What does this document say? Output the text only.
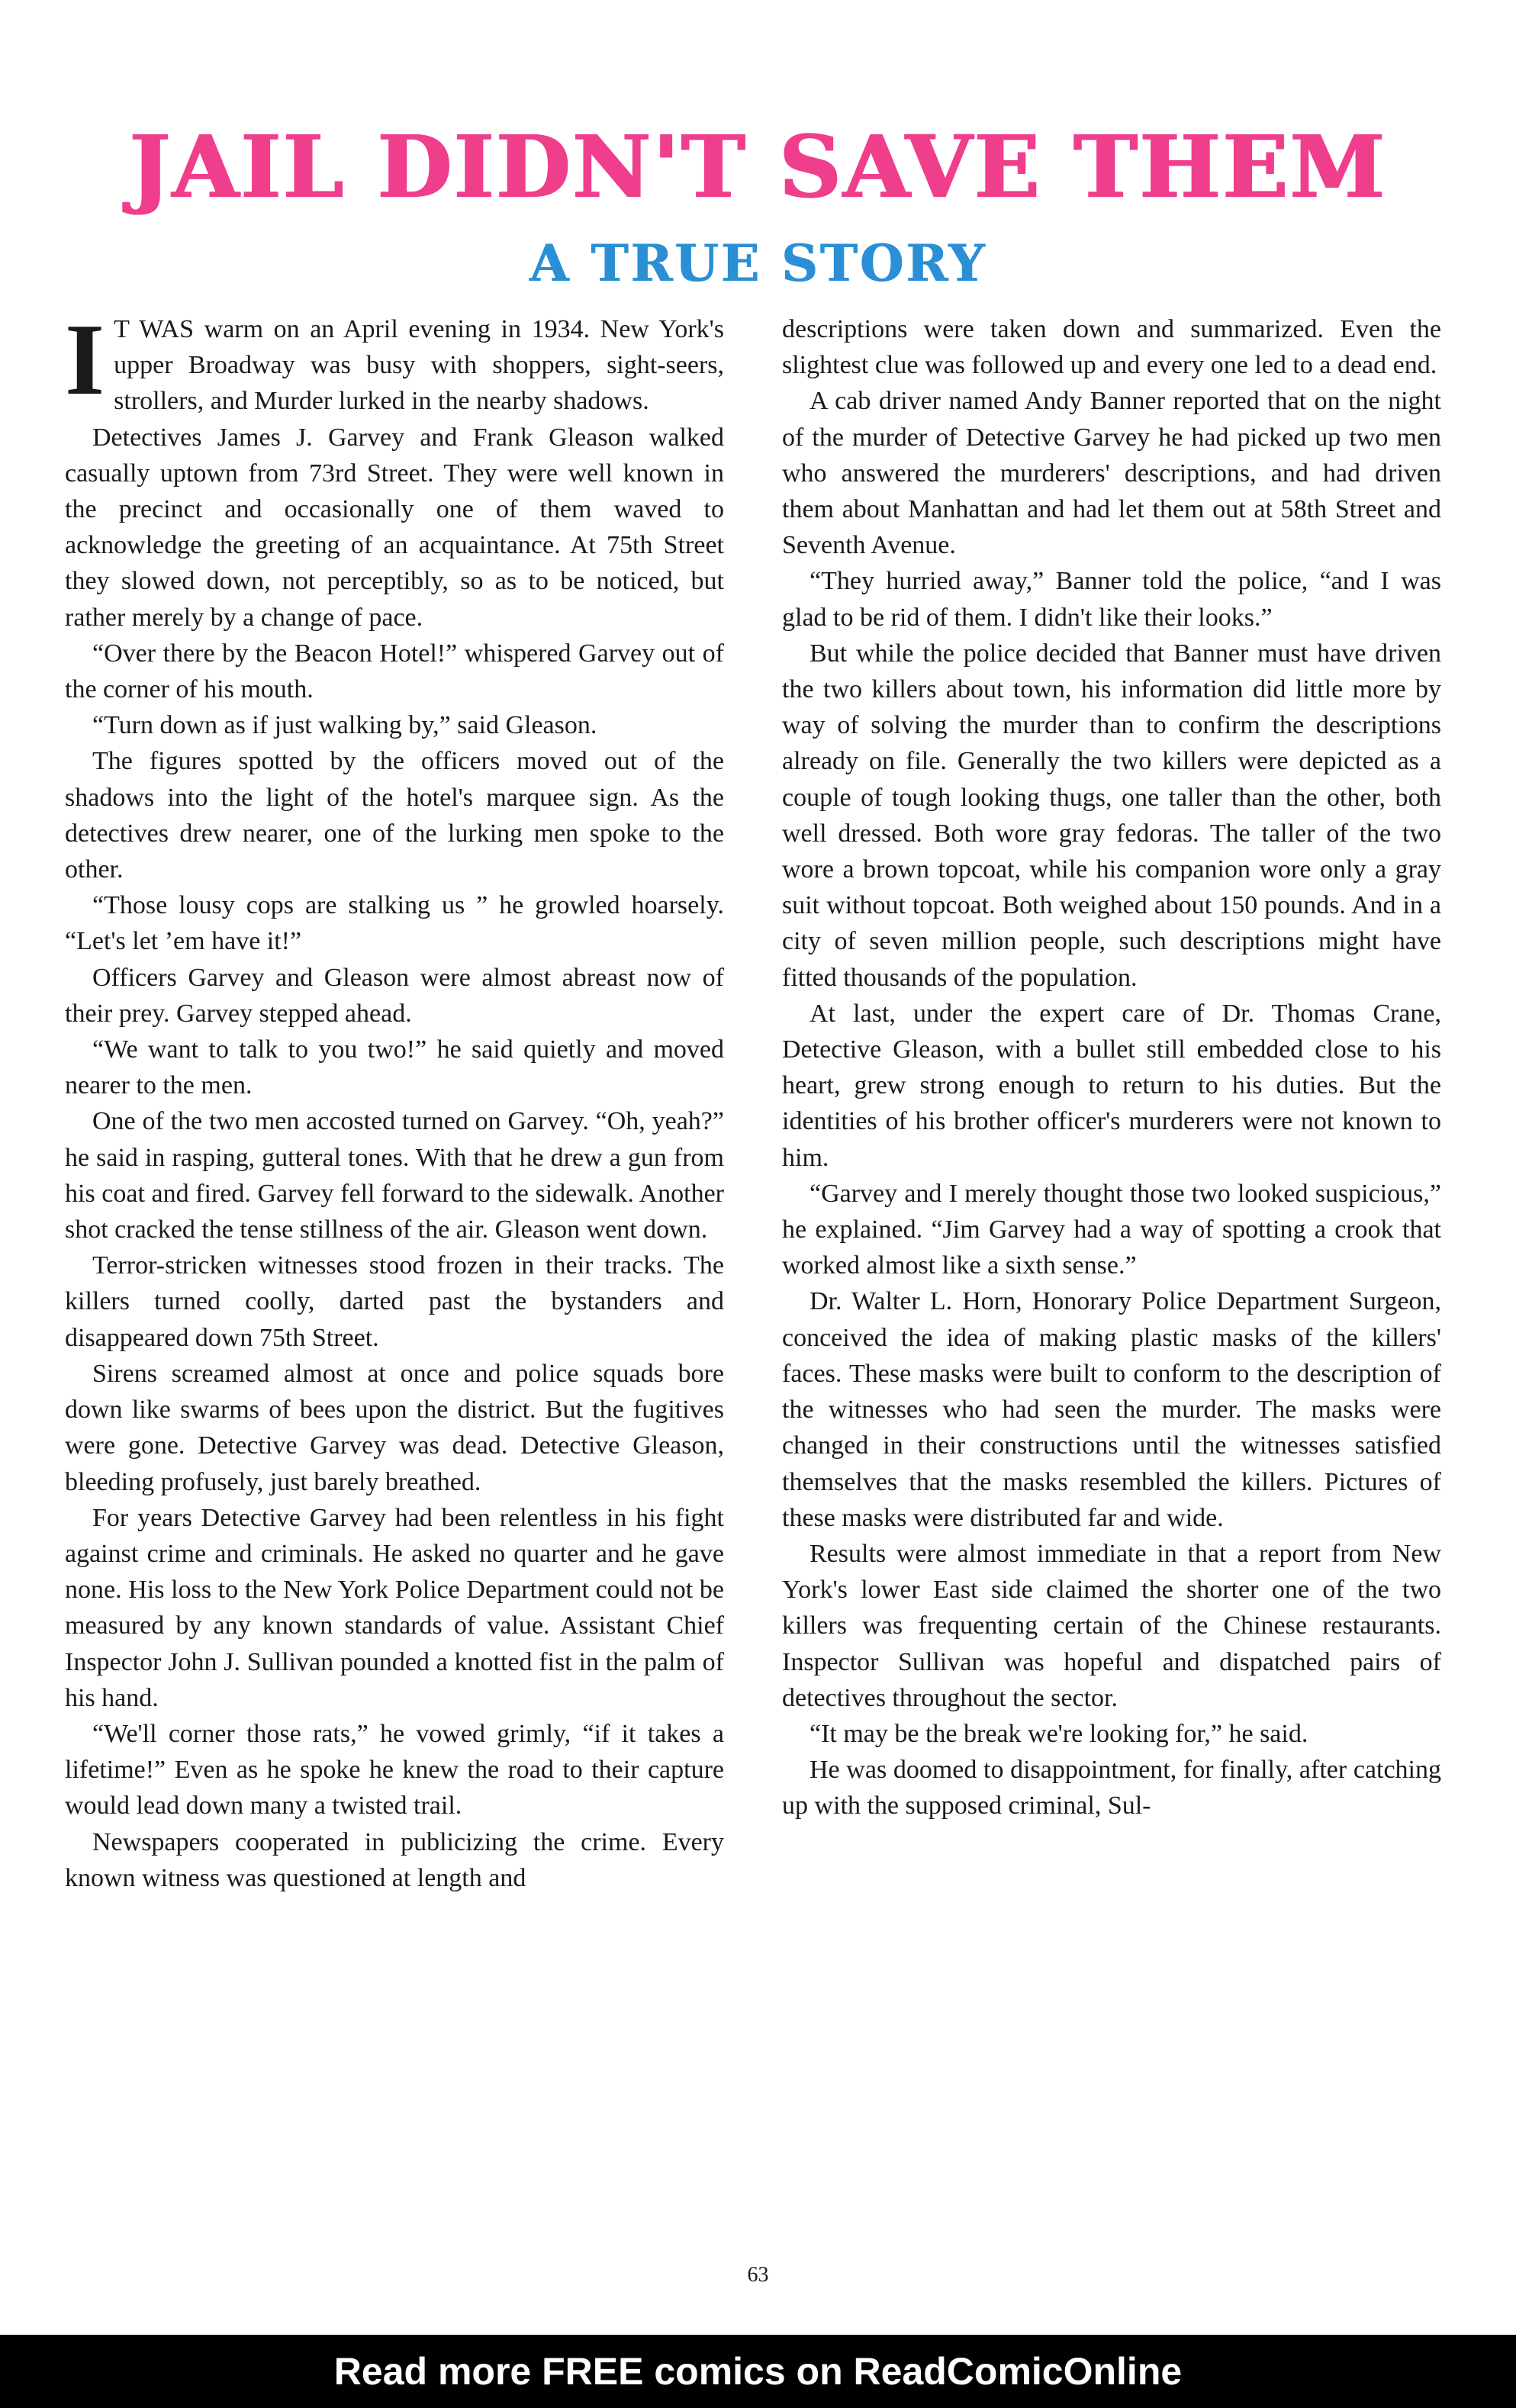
JAIL DIDN'T SAVE THEM
A TRUE STORY

I T WAS warm on an April evening in 1934. New York's upper Broadway was busy with shoppers, sight-seers, strollers, and Murder lurked in the nearby shadows.

Detectives James J. Garvey and Frank Gleason walked casually uptown from 73rd Street. They were well known in the precinct and occasionally one of them waved to acknowledge the greeting of an acquaintance. At 75th Street they slowed down, not perceptibly, so as to be noticed, but rather merely by a change of pace.

“Over there by the Beacon Hotel!” whispered Garvey out of the corner of his mouth.

“Turn down as if just walking by,” said Gleason.

The figures spotted by the officers moved out of the shadows into the light of the hotel's marquee sign. As the detectives drew nearer, one of the lurking men spoke to the other.

“Those lousy cops are stalking us ” he growled hoarsely. “Let's let ’em have it!”

Officers Garvey and Gleason were almost abreast now of their prey. Garvey stepped ahead.

“We want to talk to you two!” he said quietly and moved nearer to the men.

One of the two men accosted turned on Garvey. “Oh, yeah?” he said in rasping, gutteral tones. With that he drew a gun from his coat and fired. Garvey fell forward to the sidewalk. Another shot cracked the tense stillness of the air. Gleason went down.

Terror-stricken witnesses stood frozen in their tracks. The killers turned coolly, darted past the bystanders and disappeared down 75th Street.

Sirens screamed almost at once and police squads bore down like swarms of bees upon the district. But the fugitives were gone. Detective Garvey was dead. Detective Gleason, bleeding profusely, just barely breathed.

For years Detective Garvey had been relentless in his fight against crime and criminals. He asked no quarter and he gave none. His loss to the New York Police Department could not be measured by any known standards of value. Assistant Chief Inspector John J. Sullivan pounded a knotted fist in the palm of his hand.

“We'll corner those rats,” he vowed grimly, “if it takes a lifetime!” Even as he spoke he knew the road to their capture would lead down many a twisted trail.

Newspapers cooperated in publicizing the crime. Every known witness was questioned at length and

descriptions were taken down and summarized. Even the slightest clue was followed up and every one led to a dead end.

A cab driver named Andy Banner reported that on the night of the murder of Detective Garvey he had picked up two men who answered the murderers' descriptions, and had driven them about Manhattan and had let them out at 58th Street and Seventh Avenue.

“They hurried away,” Banner told the police, “and I was glad to be rid of them. I didn't like their looks.”

But while the police decided that Banner must have driven the two killers about town, his information did little more by way of solving the murder than to confirm the descriptions already on file. Generally the two killers were depicted as a couple of tough looking thugs, one taller than the other, both well dressed. Both wore gray fedoras. The taller of the two wore a brown topcoat, while his companion wore only a gray suit without topcoat. Both weighed about 150 pounds. And in a city of seven million people, such descriptions might have fitted thousands of the population.

At last, under the expert care of Dr. Thomas Crane, Detective Gleason, with a bullet still embedded close to his heart, grew strong enough to return to his duties. But the identities of his brother officer's murderers were not known to him.

“Garvey and I merely thought those two looked suspicious,” he explained. “Jim Garvey had a way of spotting a crook that worked almost like a sixth sense.”

Dr. Walter L. Horn, Honorary Police Department Surgeon, conceived the idea of making plastic masks of the killers' faces. These masks were built to conform to the description of the witnesses who had seen the murder. The masks were changed in their constructions until the witnesses satisfied themselves that the masks resembled the killers. Pictures of these masks were distributed far and wide.

Results were almost immediate in that a report from New York's lower East side claimed the shorter one of the two killers was frequenting certain of the Chinese restaurants. Inspector Sullivan was hopeful and dispatched pairs of detectives throughout the sector.

“It may be the break we're looking for,” he said.

He was doomed to disappointment, for finally, after catching up with the supposed criminal, Sul-

63
Read more FREE comics on ReadComicOnline
